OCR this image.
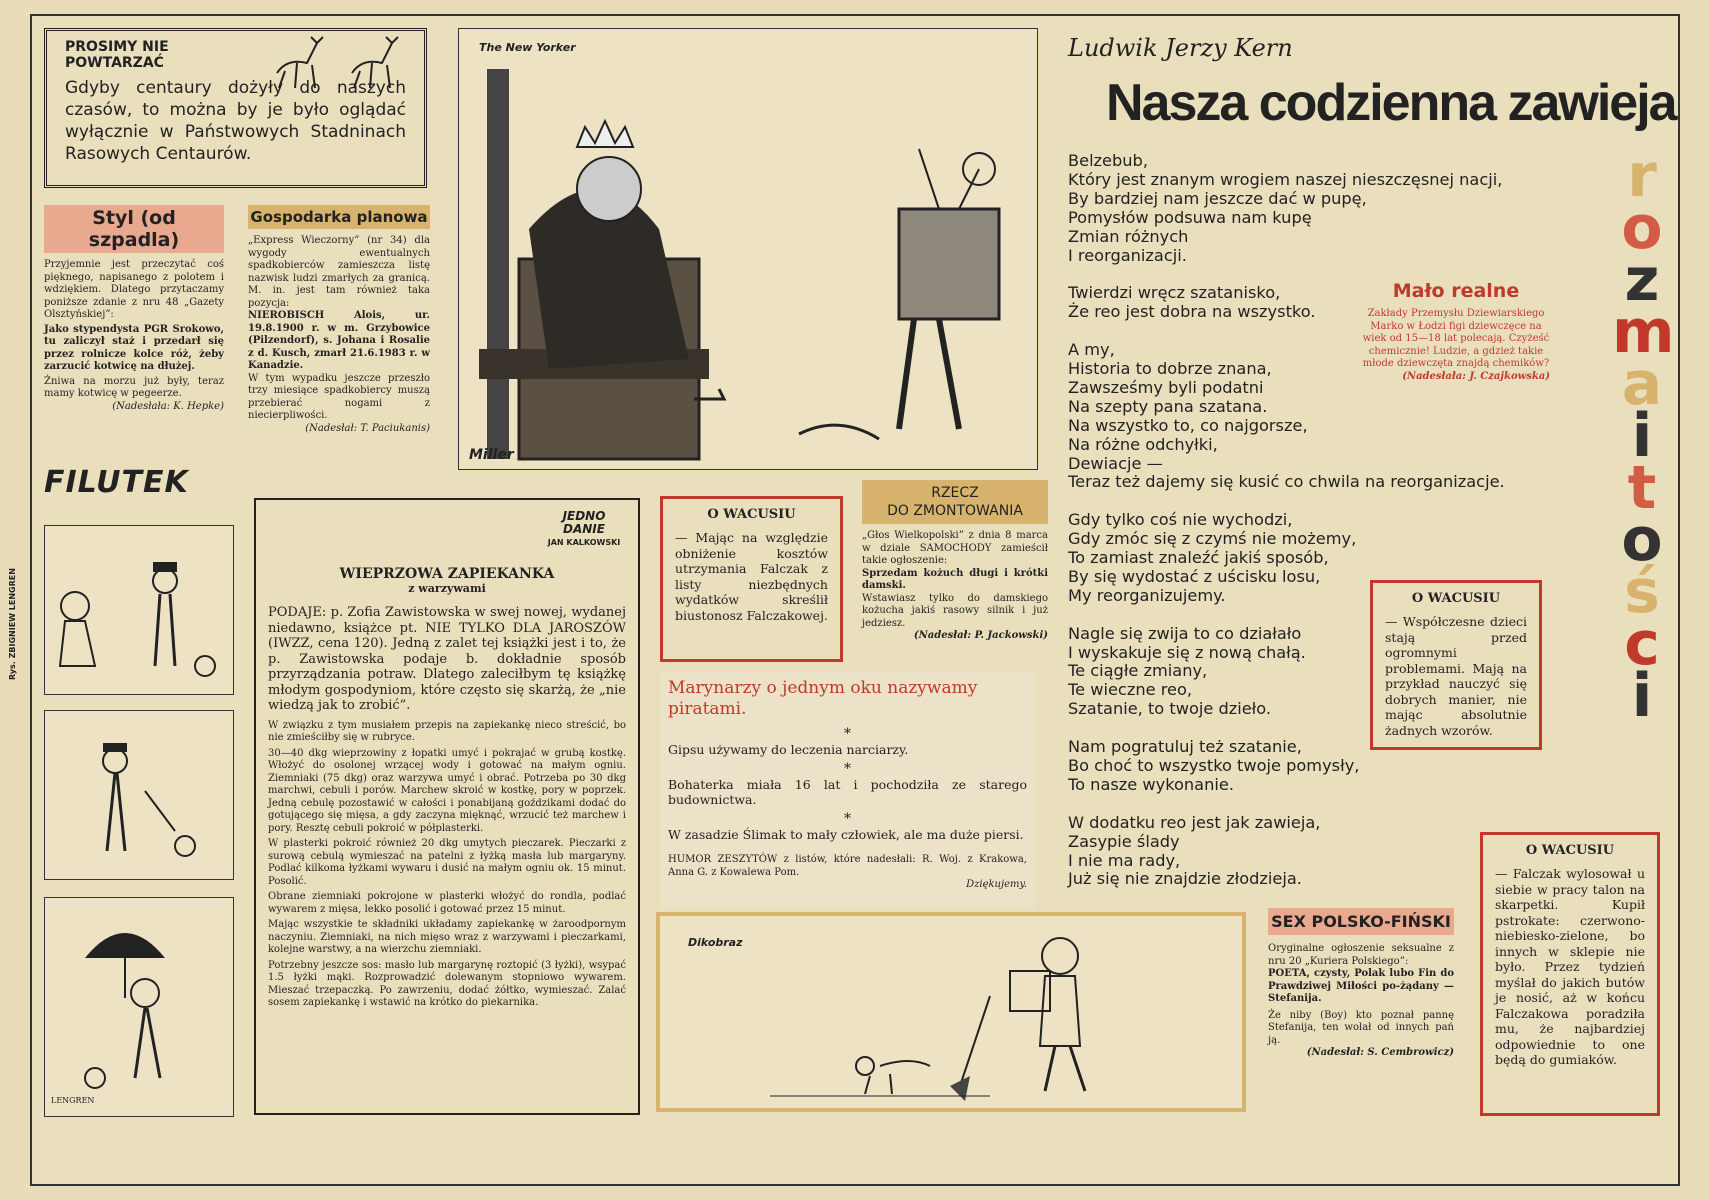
PROSIMY NIE POWTARZAĆ
Gdyby centaury dożyły do naszych czasów, to można by je było oglądać wyłącznie w Państwowych Stadninach Rasowych Centaurów.
Styl (od szpadla)
Przyjemnie jest przeczytać coś pięknego, napisanego z polotem i wdziękiem. Dlatego przytaczamy poniższe zdanie z nru 48 „Gazety Olsztyńskiej”:
Jako stypendysta PGR Srokowo, tu zaliczył staż i przedarł się przez rolnicze kolce róż, żeby zarzucić kotwicę na dłużej.
Żniwa na morzu już były, teraz mamy kotwicę w pegeerze.
(Nadesłała: K. Hepke)
Gospodarka planowa
„Express Wieczorny” (nr 34) dla wygody ewentualnych spadkobierców zamieszcza listę nazwisk ludzi zmarłych za granicą. M. in. jest tam również taka pozycja:
NIEROBISCH Alois, ur. 19.8.1900 r. w m. Grzybowice (Pilzendorf), s. Johana i Rosalie z d. Kusch, zmarł 21.6.1983 r. w Kanadzie.
W tym wypadku jeszcze przeszło trzy miesiące spadkobiercy muszą przebierać nogami z niecierpliwości.
(Nadesłał: T. Paciukanis)
The New Yorker
Miller
FILUTEK
LENGREN
Rys. ZBIGNIEW LENGREN
JEDNO
DANIE
JAN KALKOWSKI
WIEPRZOWA ZAPIEKANKA
z warzywami
PODAJE: p. Zofia Zawistowska w swej nowej, wydanej niedawno, książce pt. NIE TYLKO DLA JAROSZÓW (IWZZ, cena 120). Jedną z zalet tej książki jest i to, że p. Zawistowska podaje b. dokładnie sposób przyrządzania potraw. Dlatego zaleciłbym tę książkę młodym gospodyniom, które często się skarżą, że „nie wiedzą jak to zrobić”.
W związku z tym musiałem przepis na zapiekankę nieco streścić, bo nie zmieściłby się w rubryce.
30—40 dkg wieprzowiny z łopatki umyć i pokrajać w grubą kostkę. Włożyć do osolonej wrzącej wody i gotować na małym ogniu. Ziemniaki (75 dkg) oraz warzywa umyć i obrać. Potrzeba po 30 dkg marchwi, cebuli i porów. Marchew skroić w kostkę, pory w poprzek. Jedną cebulę pozostawić w całości i ponabijaną goździkami dodać do gotującego się mięsa, a gdy zaczyna mięknąć, wrzucić też marchew i pory. Resztę cebuli pokroić w półplasterki.
W plasterki pokroić również 20 dkg umytych pieczarek. Pieczarki z surową cebulą wymieszać na patelni z łyżką masła lub margaryny. Podlać kilkoma łyżkami wywaru i dusić na małym ogniu ok. 15 minut. Posolić.
Obrane ziemniaki pokrojone w plasterki włożyć do rondla, podlać wywarem z mięsa, lekko posolić i gotować przez 15 minut.
Mając wszystkie te składniki układamy zapiekankę w żaroodpornym naczyniu. Ziemniaki, na nich mięso wraz z warzywami i pieczarkami, kolejne warstwy, a na wierzchu ziemniaki.
Potrzebny jeszcze sos: masło lub margarynę roztopić (3 łyżki), wsypać 1.5 łyżki mąki. Rozprowadzić dolewanym stopniowo wywarem. Mieszać trzepaczką. Po zawrzeniu, dodać żółtko, wymieszać. Zalać sosem zapiekankę i wstawić na krótko do piekarnika.
O WACUSIU
— Mając na względzie obniżenie kosztów utrzymania Falczak z listy niezbędnych wydatków skreślił biustonosz Falczakowej.
RZECZ
DO ZMONTOWANIA
„Głos Wielkopolski” z dnia 8 marca w dziale SAMOCHODY zamieścił takie ogłoszenie:
Sprzedam kożuch długi i krótki damski.
Wstawiasz tylko do damskiego kożucha jakiś rasowy silnik i już jedziesz.
(Nadesłał: P. Jackowski)
Marynarzy o jednym oku nazywamy piratami.
*
Gipsu używamy do leczenia narciarzy.
*
Bohaterka miała 16 lat i pochodziła ze starego budownictwa.
*
W zasadzie Ślimak to mały człowiek, ale ma duże piersi.
HUMOR ZESZYTÓW z listów, które nadesłali: R. Woj. z Krakowa, Anna G. z Kowalewa Pom.
Dziękujemy.
Dikobraz
Ludwik Jerzy Kern
Nasza codzienna zawieja
Belzebub,
Który jest znanym wrogiem naszej nieszczęsnej nacji,
By bardziej nam jeszcze dać w pupę,
Pomysłów podsuwa nam kupę
Zmian różnych
I reorganizacji.

Twierdzi wręcz szatanisko,
Że reo jest dobra na wszystko.

A my,
Historia to dobrze znana,
Zawsześmy byli podatni
Na szepty pana szatana.
Na wszystko to, co najgorsze,
Na różne odchyłki,
Dewiacje —
Teraz też dajemy się kusić co chwila na reorganizacje.

Gdy tylko coś nie wychodzi,
Gdy zmóc się z czymś nie możemy,
To zamiast znaleźć jakiś sposób,
By się wydostać z uścisku losu,
My reorganizujemy.

Nagle się zwija to co działało
I wyskakuje się z nową chałą.
Te ciągłe zmiany,
Te wieczne reo,
Szatanie, to twoje dzieło.

Nam pogratuluj też szatanie,
Bo choć to wszystko twoje pomysły,
To nasze wykonanie.

W dodatku reo jest jak zawieja,
Zasypie ślady
I nie ma rady,
Już się nie znajdzie złodzieja.
Mało realne
Zakłady Przemysłu Dziewiarskiego Marko w Łodzi figi dziewczęce na wiek od 15—18 lat polecają. Czyżeść chemicznie! Ludzie, a gdzież takie młode dziewczęta znajdą chemików?
(Nadesłała: J. Czajkowska)
O WACUSIU
— Współczesne dzieci stają przed ogromnymi problemami. Mają na przykład nauczyć się dobrych manier, nie mając absolutnie żadnych wzorów.
SEX POLSKO-FIŃSKI
Oryginalne ogłoszenie seksualne z nru 20 „Kuriera Polskiego”:
POETA, czysty, Polak lubo Fin do Prawdziwej Miłości po-żądany — Stefanija.
Że niby (Boy) kto poznał pannę Stefanija, ten wolał od innych pań ją.
(Nadesłał: S. Cembrowicz)
O WACUSIU
— Falczak wylosował u siebie w pracy talon na skarpetki. Kupił pstrokate: czerwono-niebiesko-zielone, bo innych w sklepie nie było. Przez tydzień myślał do jakich butów je nosić, aż w końcu Falczakowa poradziła mu, że najbardziej odpowiednie to one będą do gumiaków.
r
o
z
m
a
i
t
o
ś
c
i
